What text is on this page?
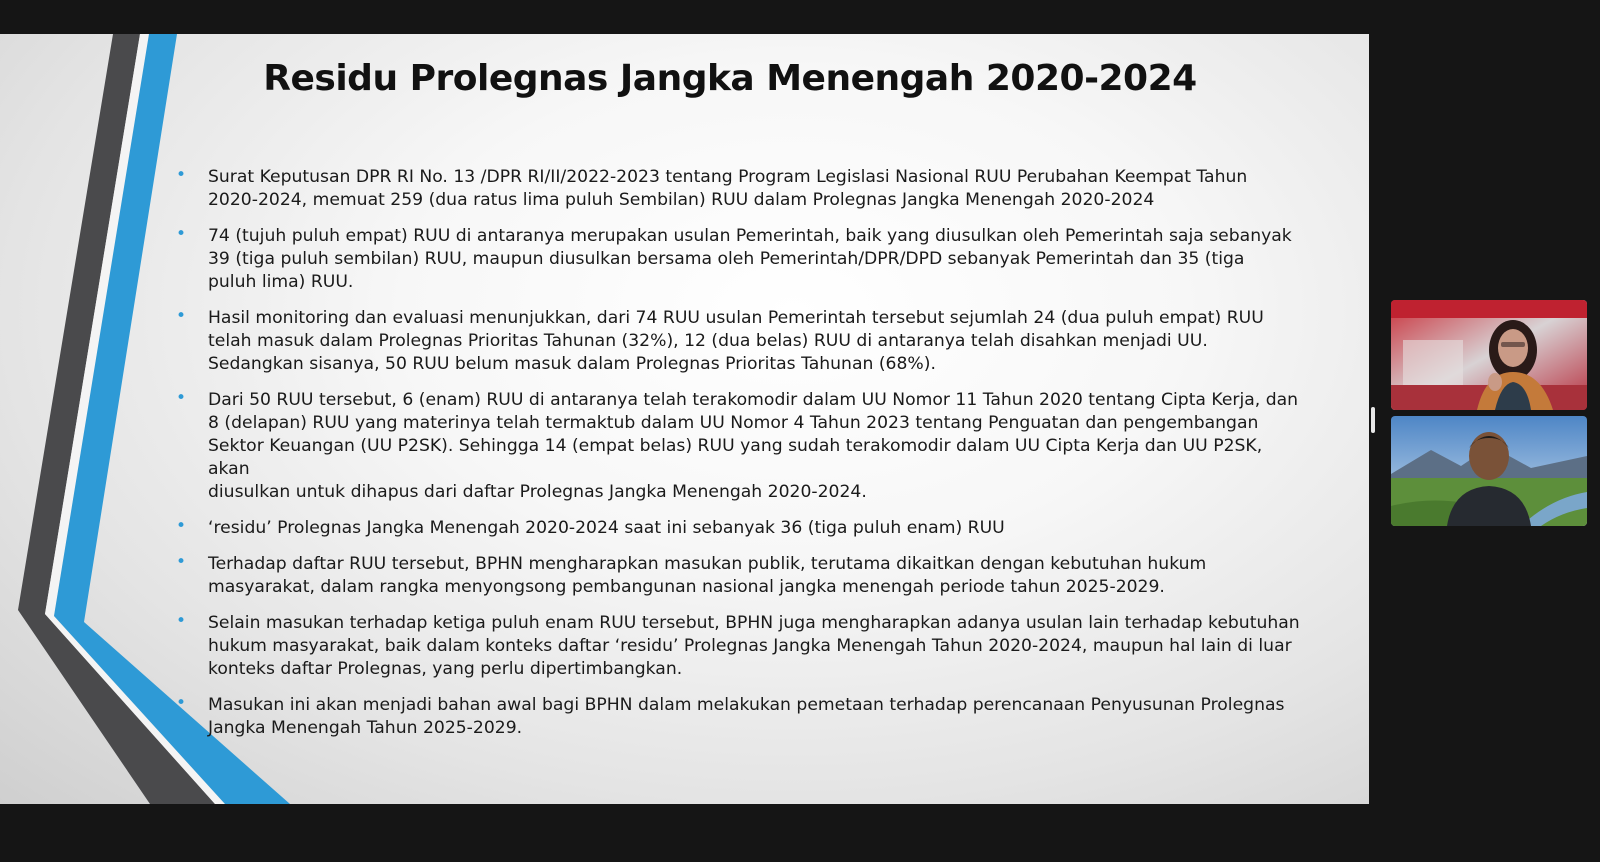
Residu Prolegnas Jangka Menengah 2020-2024
• Surat Keputusan DPR RI No. 13 /DPR RI/II/2022-2023 tentang Program Legislasi Nasional RUU Perubahan Keempat Tahun
2020-2024, memuat 259 (dua ratus lima puluh Sembilan) RUU dalam Prolegnas Jangka Menengah 2020-2024
• 74 (tujuh puluh empat) RUU di antaranya merupakan usulan Pemerintah, baik yang diusulkan oleh Pemerintah saja sebanyak
39 (tiga puluh sembilan) RUU, maupun diusulkan bersama oleh Pemerintah/DPR/DPD sebanyak Pemerintah dan 35 (tiga
puluh lima) RUU.
• Hasil monitoring dan evaluasi menunjukkan, dari 74 RUU usulan Pemerintah tersebut sejumlah 24 (dua puluh empat) RUU
telah masuk dalam Prolegnas Prioritas Tahunan (32%), 12 (dua belas) RUU di antaranya telah disahkan menjadi UU.
Sedangkan sisanya, 50 RUU belum masuk dalam Prolegnas Prioritas Tahunan (68%).
• Dari 50 RUU tersebut, 6 (enam) RUU di antaranya telah terakomodir dalam UU Nomor 11 Tahun 2020 tentang Cipta Kerja, dan
8 (delapan) RUU yang materinya telah termaktub dalam UU Nomor 4 Tahun 2023 tentang Penguatan dan pengembangan
Sektor Keuangan (UU P2SK). Sehingga 14 (empat belas) RUU yang sudah terakomodir dalam UU Cipta Kerja dan UU P2SK, akan
diusulkan untuk dihapus dari daftar Prolegnas Jangka Menengah 2020-2024.
• ‘residu’ Prolegnas Jangka Menengah 2020-2024 saat ini sebanyak 36 (tiga puluh enam) RUU
• Terhadap daftar RUU tersebut, BPHN mengharapkan masukan publik, terutama dikaitkan dengan kebutuhan hukum
masyarakat, dalam rangka menyongsong pembangunan nasional jangka menengah periode tahun 2025-2029.
• Selain masukan terhadap ketiga puluh enam RUU tersebut, BPHN juga mengharapkan adanya usulan lain terhadap kebutuhan
hukum masyarakat, baik dalam konteks daftar ‘residu’ Prolegnas Jangka Menengah Tahun 2020-2024, maupun hal lain di luar
konteks daftar Prolegnas, yang perlu dipertimbangkan.
• Masukan ini akan menjadi bahan awal bagi BPHN dalam melakukan pemetaan terhadap perencanaan Penyusunan Prolegnas
Jangka Menengah Tahun 2025-2029.
